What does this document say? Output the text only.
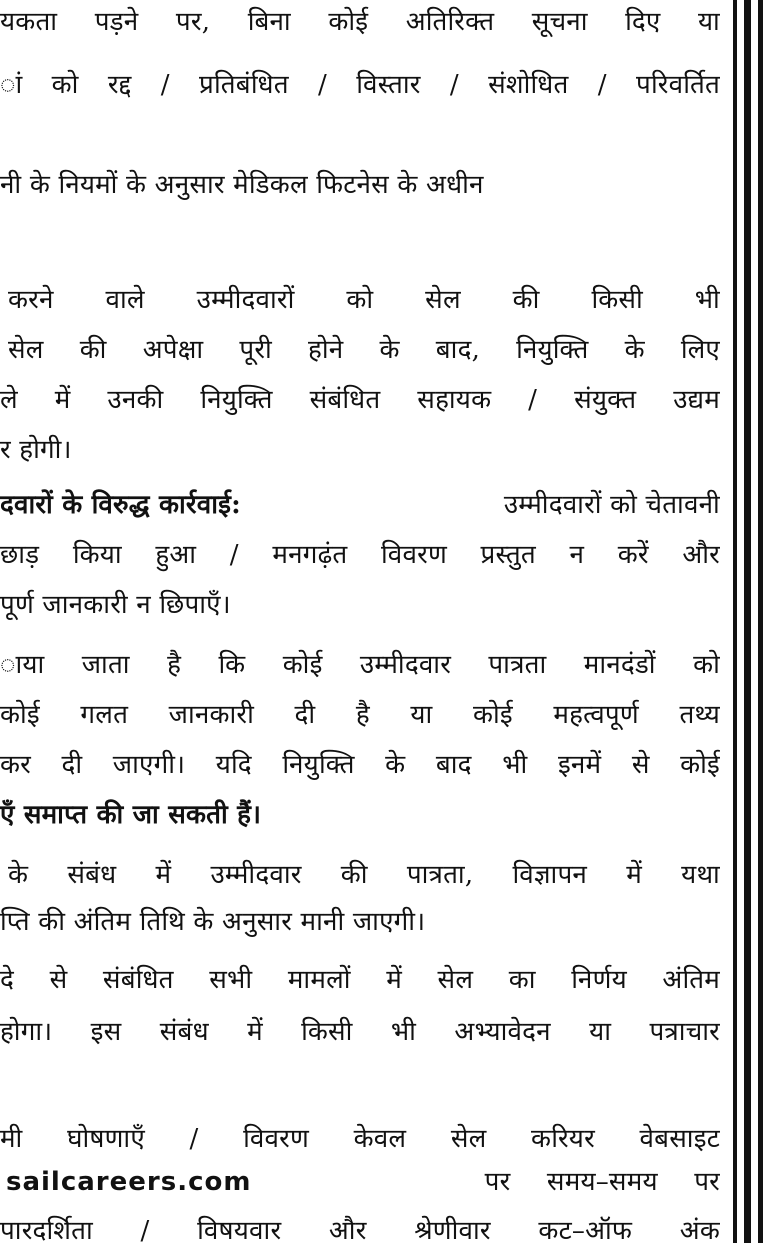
यकता पड़ने पर, बिना कोई अतिरिक्त सूचना दिए या
ां को रद्द / प्रतिबंधित / विस्तार / संशोधित / परिवर्तित
नी के नियमों के अनुसार मेडिकल फिटनेस के अधीन
करने वाले उम्मीदवारों को सेल की किसी भी
सेल की अपेक्षा पूरी होने के बाद, नियुक्ति के लिए
ले में उनकी नियुक्ति संबंधित सहायक / संयुक्त उद्यम
र होगी।
दवारों के विरुद्ध कार्रवाई:	उम्मीदवारों को चेतावनी
छाड़ किया हुआ / मनगढ़ंत विवरण प्रस्तुत न करें और
पूर्ण जानकारी न छिपाएँ।
ाया जाता है कि कोई उम्मीदवार पात्रता मानदंडों को
कोई गलत जानकारी दी है या कोई महत्वपूर्ण तथ्य
कर दी जाएगी। यदि नियुक्ति के बाद भी इनमें से कोई
एँ समाप्त की जा सकती हैं।
के संबंध में उम्मीदवार की पात्रता, विज्ञापन में यथा
प्ति की अंतिम तिथि के अनुसार मानी जाएगी।
दे से संबंधित सभी मामलों में सेल का निर्णय अंतिम
होगा। इस संबंध में किसी भी अभ्यावेदन या पत्राचार
मी घोषणाएँ / विवरण केवल सेल करियर वेबसाइट
sailcareers.com	पर समय–समय पर
पारदर्शिता / विषयवार और श्रेणीवार कट–ऑफ अंक
